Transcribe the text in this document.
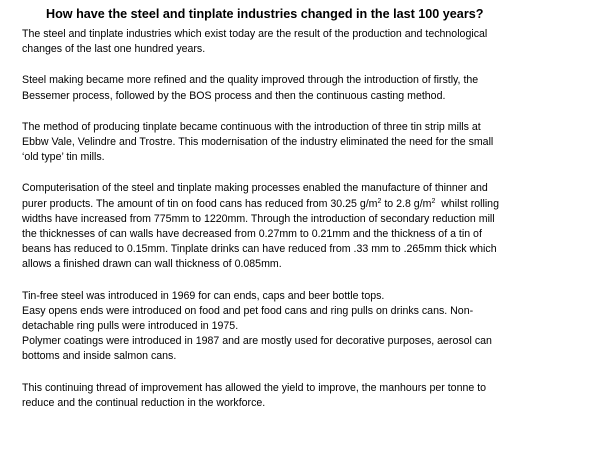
How have the steel and tinplate industries changed in the last 100 years?

The steel and tinplate industries which exist today are the result of the production and technological
changes of the last one hundred years.

Steel making became more refined and the quality improved through the introduction of firstly, the
Bessemer process, followed by the BOS process and then the continuous casting method.

The method of producing tinplate became continuous with the introduction of three tin strip mills at
Ebbw Vale, Velindre and Trostre. This modernisation of the industry eliminated the need for the small
‘old type’ tin mills.

Computerisation of the steel and tinplate making processes enabled the manufacture of thinner and
purer products. The amount of tin on food cans has reduced from 30.25 $g/m^2$ to 2.8 $g/m^2$  whilst rolling
widths have increased from 775mm to 1220mm. Through the introduction of secondary reduction mill
the thicknesses of can walls have decreased from 0.27mm to 0.21mm and the thickness of a tin of
beans has reduced to 0.15mm. Tinplate drinks can have reduced from .33 mm to .265mm thick which
allows a finished drawn can wall thickness of 0.085mm.

Tin-free steel was introduced in 1969 for can ends, caps and beer bottle tops.
Easy opens ends were introduced on food and pet food cans and ring pulls on drinks cans. Non-
detachable ring pulls were introduced in 1975.
Polymer coatings were introduced in 1987 and are mostly used for decorative purposes, aerosol can
bottoms and inside salmon cans.

This continuing thread of improvement has allowed the yield to improve, the manhours per tonne to
reduce and the continual reduction in the workforce.
